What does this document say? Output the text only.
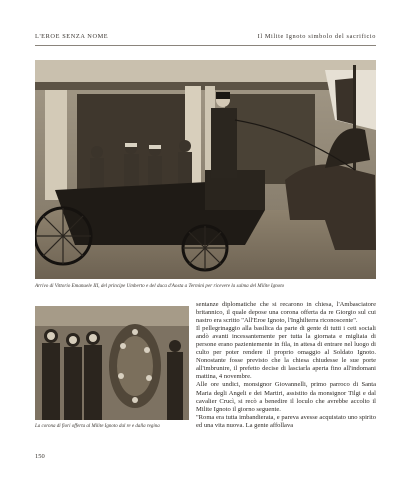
L'EROE SENZA NOME	Il Milite Ignoto simbolo del sacrificio
Arrivo di Vittorio Emanuele III, del principe Umberto e del duca d'Aosta a Termini per ricevere la salma del Milite Ignoto
La corona di fiori offerta al Milite Ignoto dal re e dalla regina

sentanze diplomatiche che si recarono in chiesa, l'Ambasciatore britannico, il quale depose una corona offerta da re Giorgio sul cui nastro era scritto "All'Eroe Ignoto, l'Inghilterra riconoscente".

Il pellegrinaggio alla basilica da parte di gente di tutti i ceti sociali andò avanti incessantemente per tutta la giornata e migliaia di persone erano pazientemente in fila, in attesa di entrare nel luogo di culto per poter rendere il proprio omaggio al Soldato Ignoto. Nonostante fosse previsto che la chiesa chiudesse le sue porte all'imbrunire, il prefetto decise di lasciarla aperta fino all'indomani mattina, 4 novembre.

Alle ore undici, monsignor Giovannelli, primo parroco di Santa Maria degli Angeli e dei Martiri, assistito da monsignor Tilgi e dal cavalier Crucì, si recò a benedire il loculo che avrebbe accolto il Milite Ignoto il giorno seguente.

"Roma era tutta imbandierata, e pareva avesse acquistato uno spirito ed una vita nuova. La gente affollava

150
